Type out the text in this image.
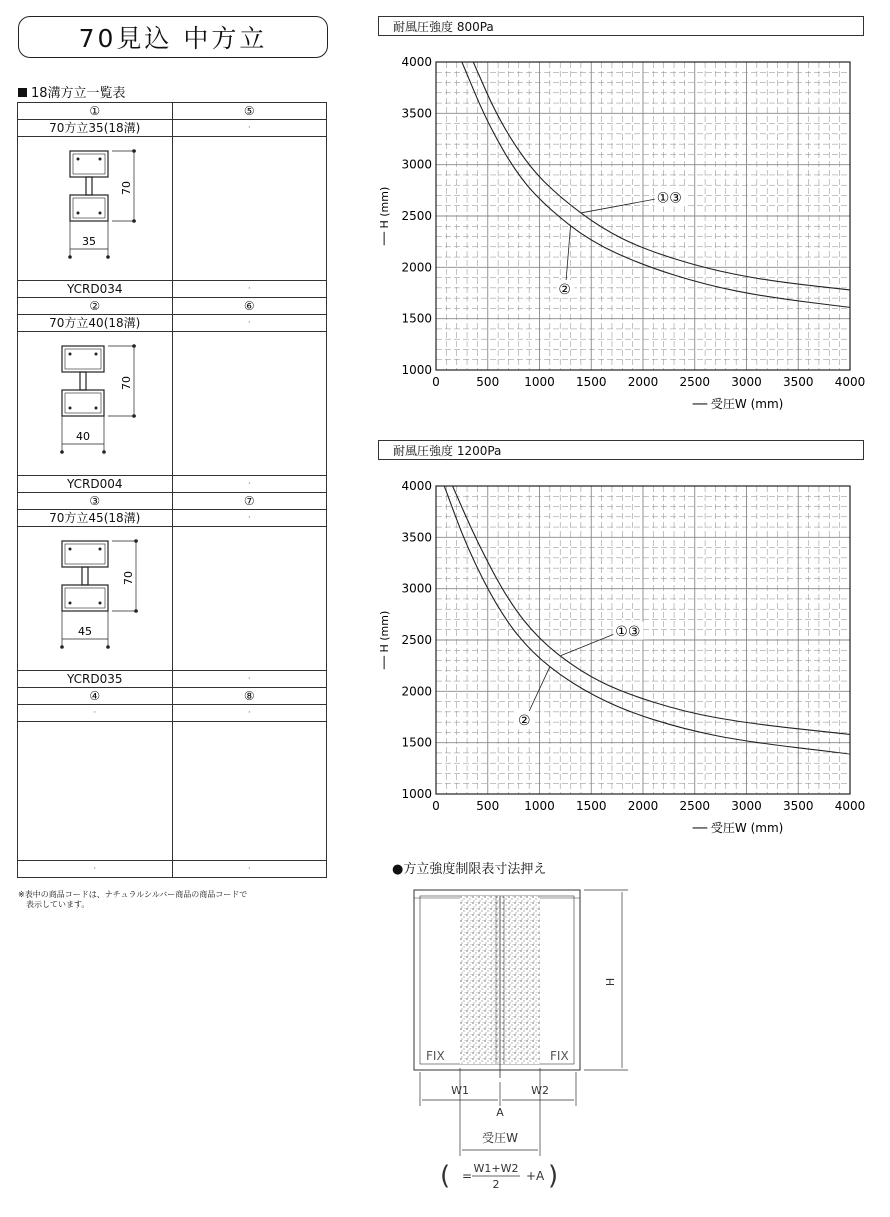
70見込 中方立
18溝方立一覧表
①	⑤
70方立35(18溝)	·

70
35	

YCRD034	·
②	⑥
70方立40(18溝)	·

70
40	

YCRD004	·
③	⑦
70方立45(18溝)	·

70
45	

YCRD035	·
④	⑧
·	·

·	·
※表中の商品コードは、ナチュラルシルバー商品の商品コードで
表示しています。
耐風圧強度 800Pa
0	500 1000 1500 2000 2500 3000 3500 4000
1000
1500
2000
2500
3000
3500
4000
── 受圧W (mm)
── H (mm)	①③
②
耐風圧強度 1200Pa
0	500 1000 1500 2000 2500 3000 3500 4000
1000
1500
2000
2500
3000
3500
4000
── 受圧W (mm)
── H (mm)	①③
②
●方立強度制限表寸法押え
FIX	FIX
H
W1	W2
A
受圧W
( =
W1+W2
2
+A )
